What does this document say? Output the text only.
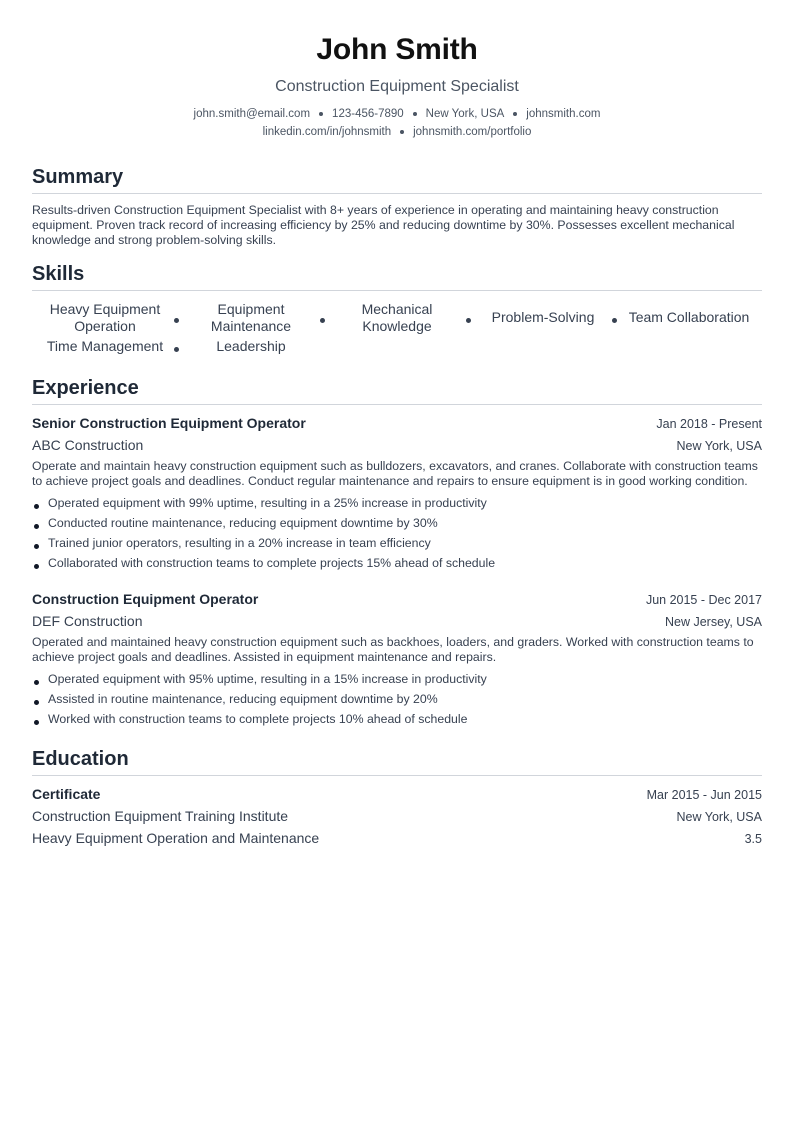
John Smith
Construction Equipment Specialist
john.smith@email.com 123-456-7890 New York, USA johnsmith.com
linkedin.com/in/johnsmith johnsmith.com/portfolio
Summary
Results-driven Construction Equipment Specialist with 8+ years of experience in operating and maintaining heavy construction equipment. Proven track record of increasing efficiency by 25% and reducing downtime by 30%. Possesses excellent mechanical knowledge and strong problem-solving skills.
Skills
Heavy Equipment Operation
Equipment Maintenance
Mechanical Knowledge
Problem-Solving	Team Collaboration
Time Management	Leadership
Experience
Senior Construction Equipment Operator	Jan 2018 - Present
ABC Construction	New York, USA
Operate and maintain heavy construction equipment such as bulldozers, excavators, and cranes. Collaborate with construction teams to achieve project goals and deadlines. Conduct regular maintenance and repairs to ensure equipment is in good working condition.
Operated equipment with 99% uptime, resulting in a 25% increase in productivity
Conducted routine maintenance, reducing equipment downtime by 30%
Trained junior operators, resulting in a 20% increase in team efficiency
Collaborated with construction teams to complete projects 15% ahead of schedule
Construction Equipment Operator	Jun 2015 - Dec 2017
DEF Construction	New Jersey, USA
Operated and maintained heavy construction equipment such as backhoes, loaders, and graders. Worked with construction teams to achieve project goals and deadlines. Assisted in equipment maintenance and repairs.
Operated equipment with 95% uptime, resulting in a 15% increase in productivity
Assisted in routine maintenance, reducing equipment downtime by 20%
Worked with construction teams to complete projects 10% ahead of schedule
Education
Certificate	Mar 2015 - Jun 2015
Construction Equipment Training Institute	New York, USA
Heavy Equipment Operation and Maintenance	3.5
